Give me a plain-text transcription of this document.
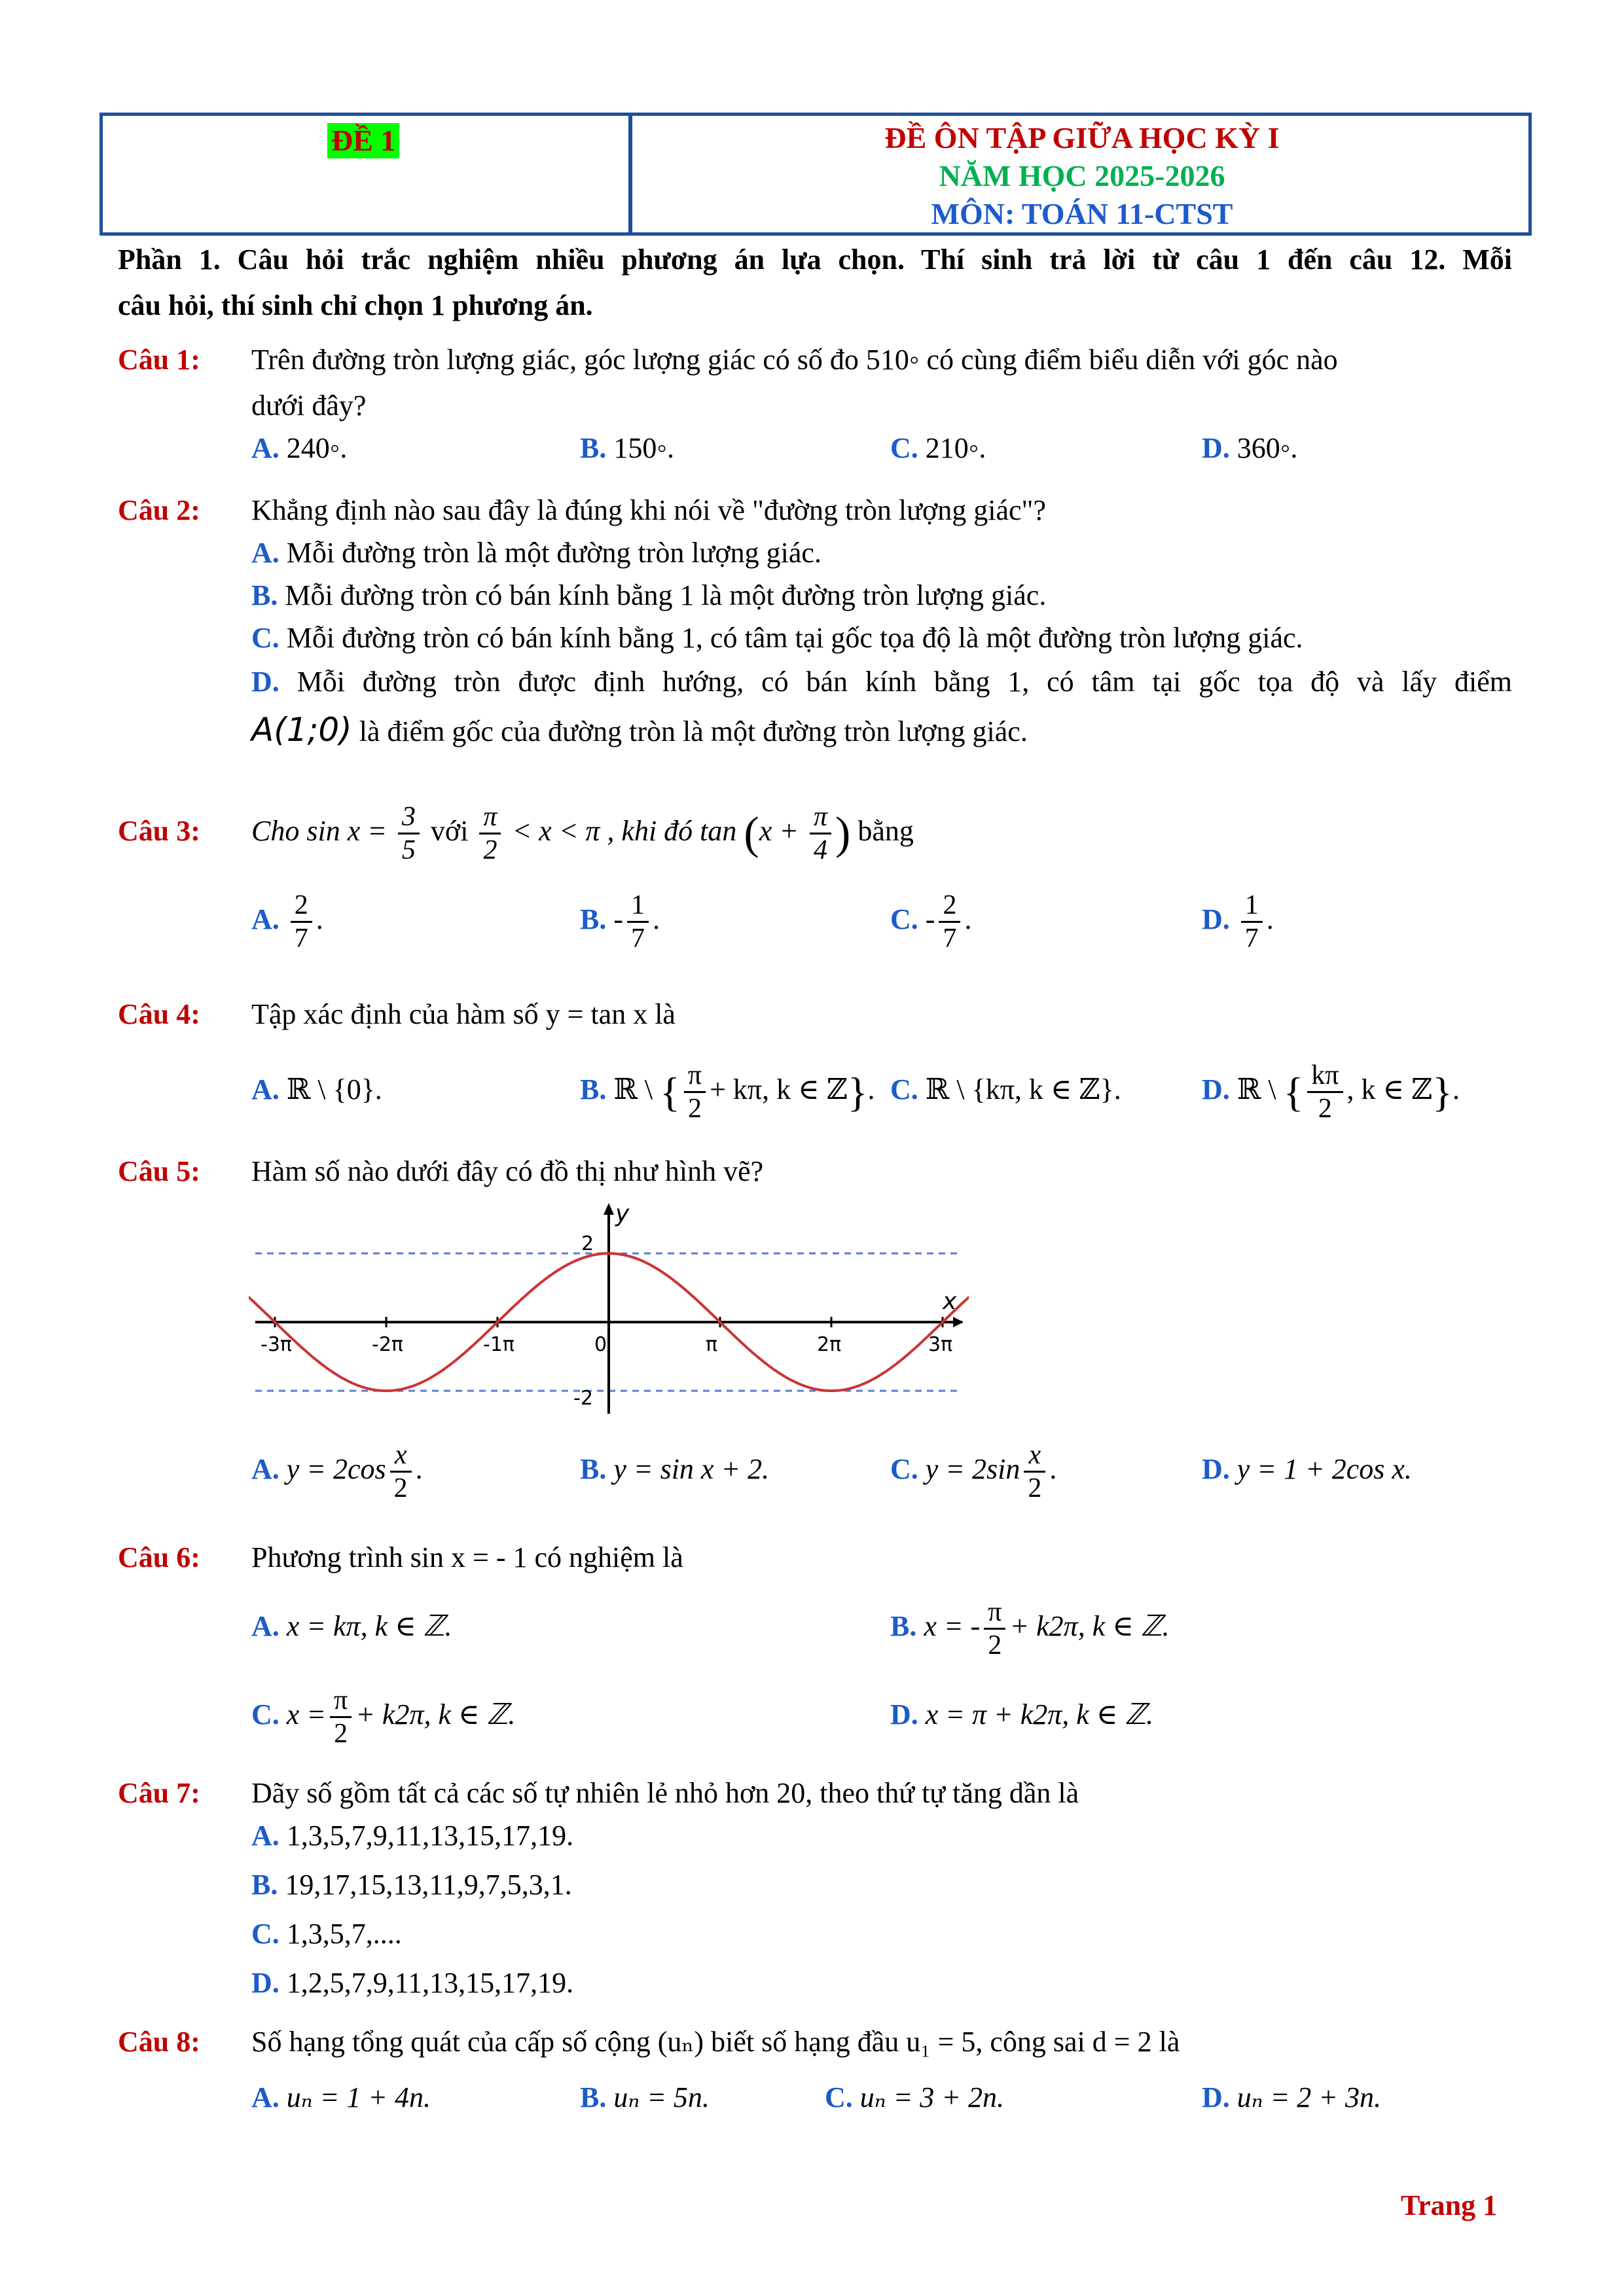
ĐỀ 1	ĐỀ ÔN TẬP GIỮA HỌC KỲ I
NĂM HỌC 2025-2026
MÔN: TOÁN 11-CTST
Phần 1. Câu hỏi trắc nghiệm nhiều phương án lựa chọn. Thí sinh trả lời từ câu 1 đến câu 12. Mỗi
câu hỏi, thí sinh chỉ chọn 1 phương án.
Câu 1: Trên đường tròn lượng giác, góc lượng giác có số đo 510◦ có cùng điểm biểu diễn với góc nào
dưới đây?
A. 240◦.	B. 150◦.	C. 210◦.	D. 360◦.
Câu 2: Khẳng định nào sau đây là đúng khi nói về "đường tròn lượng giác"?
A. Mỗi đường tròn là một đường tròn lượng giác.
B. Mỗi đường tròn có bán kính bằng 1 là một đường tròn lượng giác.
C. Mỗi đường tròn có bán kính bằng 1, có tâm tại gốc tọa độ là một đường tròn lượng giác.
D. Mỗi đường tròn được định hướng, có bán kính bằng 1, có tâm tại gốc tọa độ và lấy điểm
A(1;0) là điểm gốc của đường tròn là một đường tròn lượng giác.
Câu 3: Cho $\sin x = \frac{3}{5}$ với $\frac{\pi}{2} < x < \pi$ , khi đó $\tan (x + \frac{\pi}{4}$ ) bằng
A. $\frac{2}{7}$ .	B. - $\frac{1}{7}$ .	C. - $\frac{2}{7}$ .	D. $\frac{1}{7}$ .
Câu 4: Tập xác định của hàm số y = tan x là
A. ℝ \ {0}.	B. ℝ \ { $\frac{\pi}{2} + k\pi$, k ∈ ℤ}. C. ℝ \ {kπ, k ∈ ℤ}.	D. ℝ \ { $\frac{k\pi}{2}$ , k ∈ ℤ}.
Câu 5: Hàm số nào dưới đây có đồ thị như hình vẽ?
y
x
2
-2
-3π	-2π	-1π	0	π	2π	3π
A. $y = 2\cos \frac{x}{2}$ .	B. y = sin x + 2.	C. $y = 2\sin \frac{x}{2}$ .	D. y = 1 + 2cos x.
Câu 6: Phương trình sin x = - 1 có nghiệm là
A. x = kπ, k ∈ ℤ.	B. x = - $\frac{\pi}{2} + k2\pi$, k ∈ ℤ.
C. $x = \frac{\pi}{2} + k2\pi$, k ∈ ℤ.	D. x = π + k2π, k ∈ ℤ.
Câu 7: Dãy số gồm tất cả các số tự nhiên lẻ nhỏ hơn 20, theo thứ tự tăng dần là
A. 1,3,5,7,9,11,13,15,17,19.
B. 19,17,15,13,11,9,7,5,3,1.
C. 1,3,5,7,....
D. 1,2,5,7,9,11,13,15,17,19.
Câu 8: Số hạng tổng quát của cấp số cộng (uₙ) biết số hạng đầu u₁ = 5, công sai d = 2 là
A. uₙ = 1 + 4n.	B. uₙ = 5n.	C. uₙ = 3 + 2n.	D. uₙ = 2 + 3n.
Trang 1
